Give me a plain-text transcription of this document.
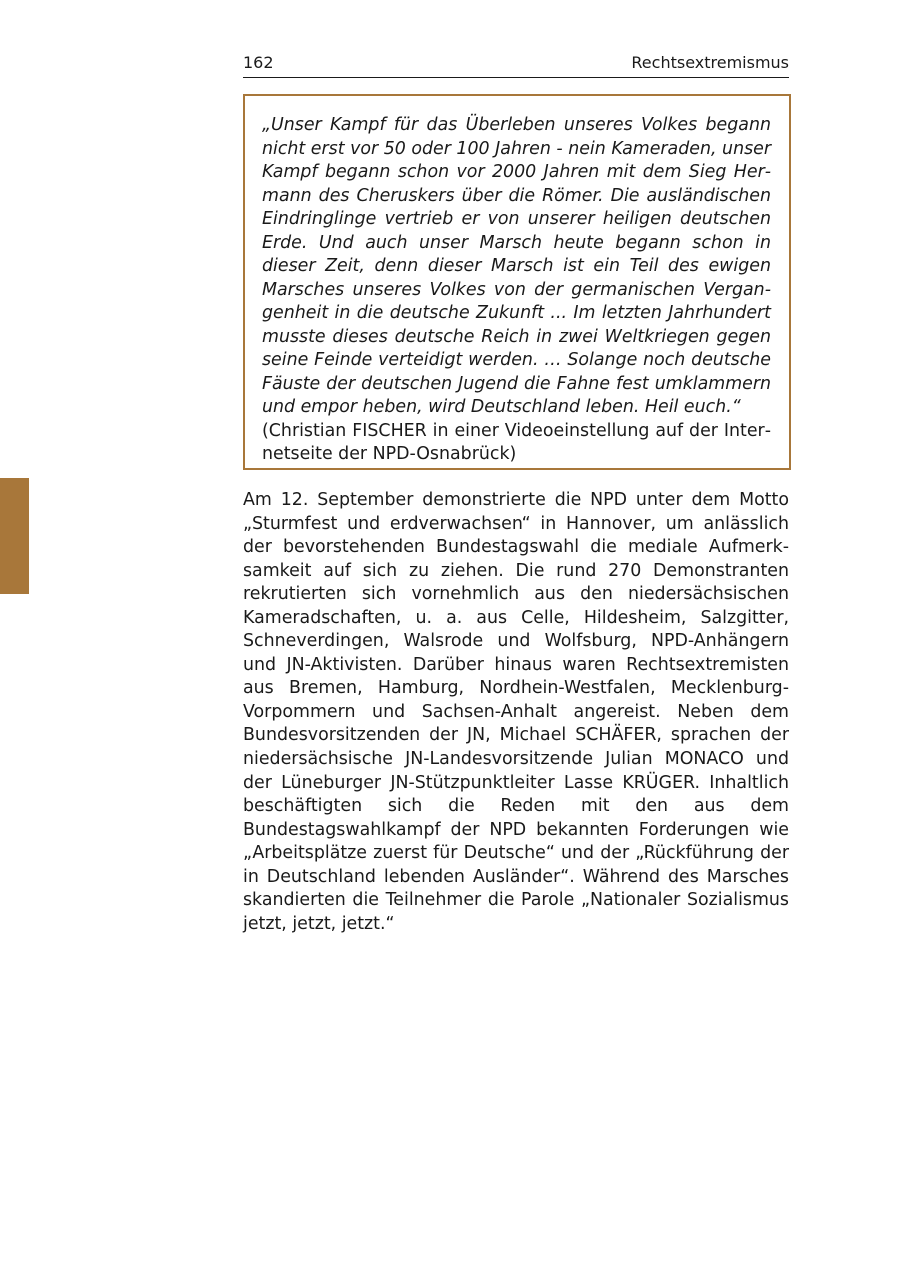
162	Rechtsextremismus

„Unser Kampf für das Überleben unseres Volkes begann nicht erst vor 50 oder 100 Jahren - nein Kameraden, unser Kampf begann schon vor 2000 Jahren mit dem Sieg Hermann des Cheruskers über die Römer. Die ausländischen Eindringlinge vertrieb er von unserer heiligen deutschen Erde. Und auch unser Marsch heute begann schon in dieser Zeit, denn dieser Marsch ist ein Teil des ewigen Marsches unseres Volkes von der germanischen Vergangenheit in die deutsche Zukunft ... Im letzten Jahrhundert musste dieses deutsche Reich in zwei Weltkriegen gegen seine Feinde verteidigt werden. … Solange noch deutsche Fäuste der deutschen Jugend die Fahne fest umklammern und empor heben, wird Deutschland leben. Heil euch.“

(Christian FISCHER in einer Videoeinstellung auf der Internetseite der NPD-Osnabrück)

Am 12. September demonstrierte die NPD unter dem Motto „Sturmfest und erdverwachsen“ in Hannover, um anlässlich der bevorstehenden Bundestagswahl die mediale Aufmerksamkeit auf sich zu ziehen. Die rund 270 Demonstranten rekrutierten sich vornehmlich aus den niedersächsischen Kameradschaften, u. a. aus Celle, Hildesheim, Salzgitter, Schneverdingen, Walsrode und Wolfsburg, NPD-Anhängern und JN-Aktivisten. Darüber hinaus waren Rechtsextremisten aus Bremen, Hamburg, Nordhein-Westfalen, Mecklenburg-Vorpommern und Sachsen-Anhalt angereist. Neben dem Bundesvorsitzenden der JN, Michael SCHÄFER, sprachen der niedersächsische JN-Landesvorsitzende Julian MONACO und der Lüneburger JN-Stützpunktleiter Lasse KRÜGER. Inhaltlich beschäftigten sich die Reden mit den aus dem Bundestagswahlkampf der NPD bekannten Forderungen wie „Arbeitsplätze zuerst für Deutsche“ und der „Rückführung der in Deutschland lebenden Ausländer“. Während des Marsches skandierten die Teilnehmer die Parole „Nationaler Sozialismus jetzt, jetzt, jetzt.“
